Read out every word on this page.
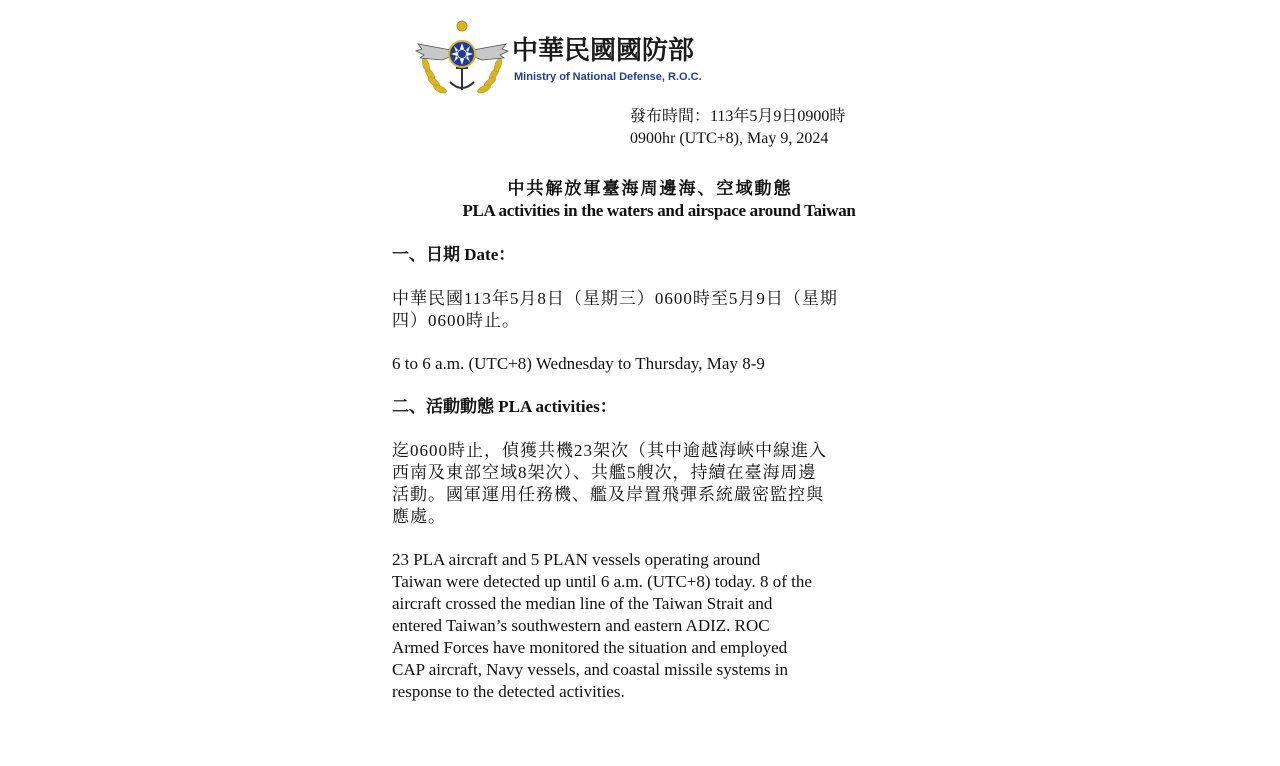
中華民國國防部
Ministry of National Defense, R.O.C.
發布時間：113年5月9日0900時
0900hr (UTC+8), May 9, 2024
中共解放軍臺海周邊海、空域動態
PLA activities in the waters and airspace around Taiwan
一、日期 Date：
中華民國113年5月8日（星期三）0600時至5月9日（星期
四）0600時止。
6 to 6 a.m. (UTC+8) Wednesday to Thursday, May 8-9
二、活動動態 PLA activities：
迄0600時止，偵獲共機23架次（其中逾越海峽中線進入
西南及東部空域8架次）、共艦5艘次，持續在臺海周邊
活動。國軍運用任務機、艦及岸置飛彈系統嚴密監控與
應處。
23 PLA aircraft and 5 PLAN vessels operating around
Taiwan were detected up until 6 a.m. (UTC+8) today. 8 of the
aircraft crossed the median line of the Taiwan Strait and
entered Taiwan’s southwestern and eastern ADIZ. ROC
Armed Forces have monitored the situation and employed
CAP aircraft, Navy vessels, and coastal missile systems in
response to the detected activities.
